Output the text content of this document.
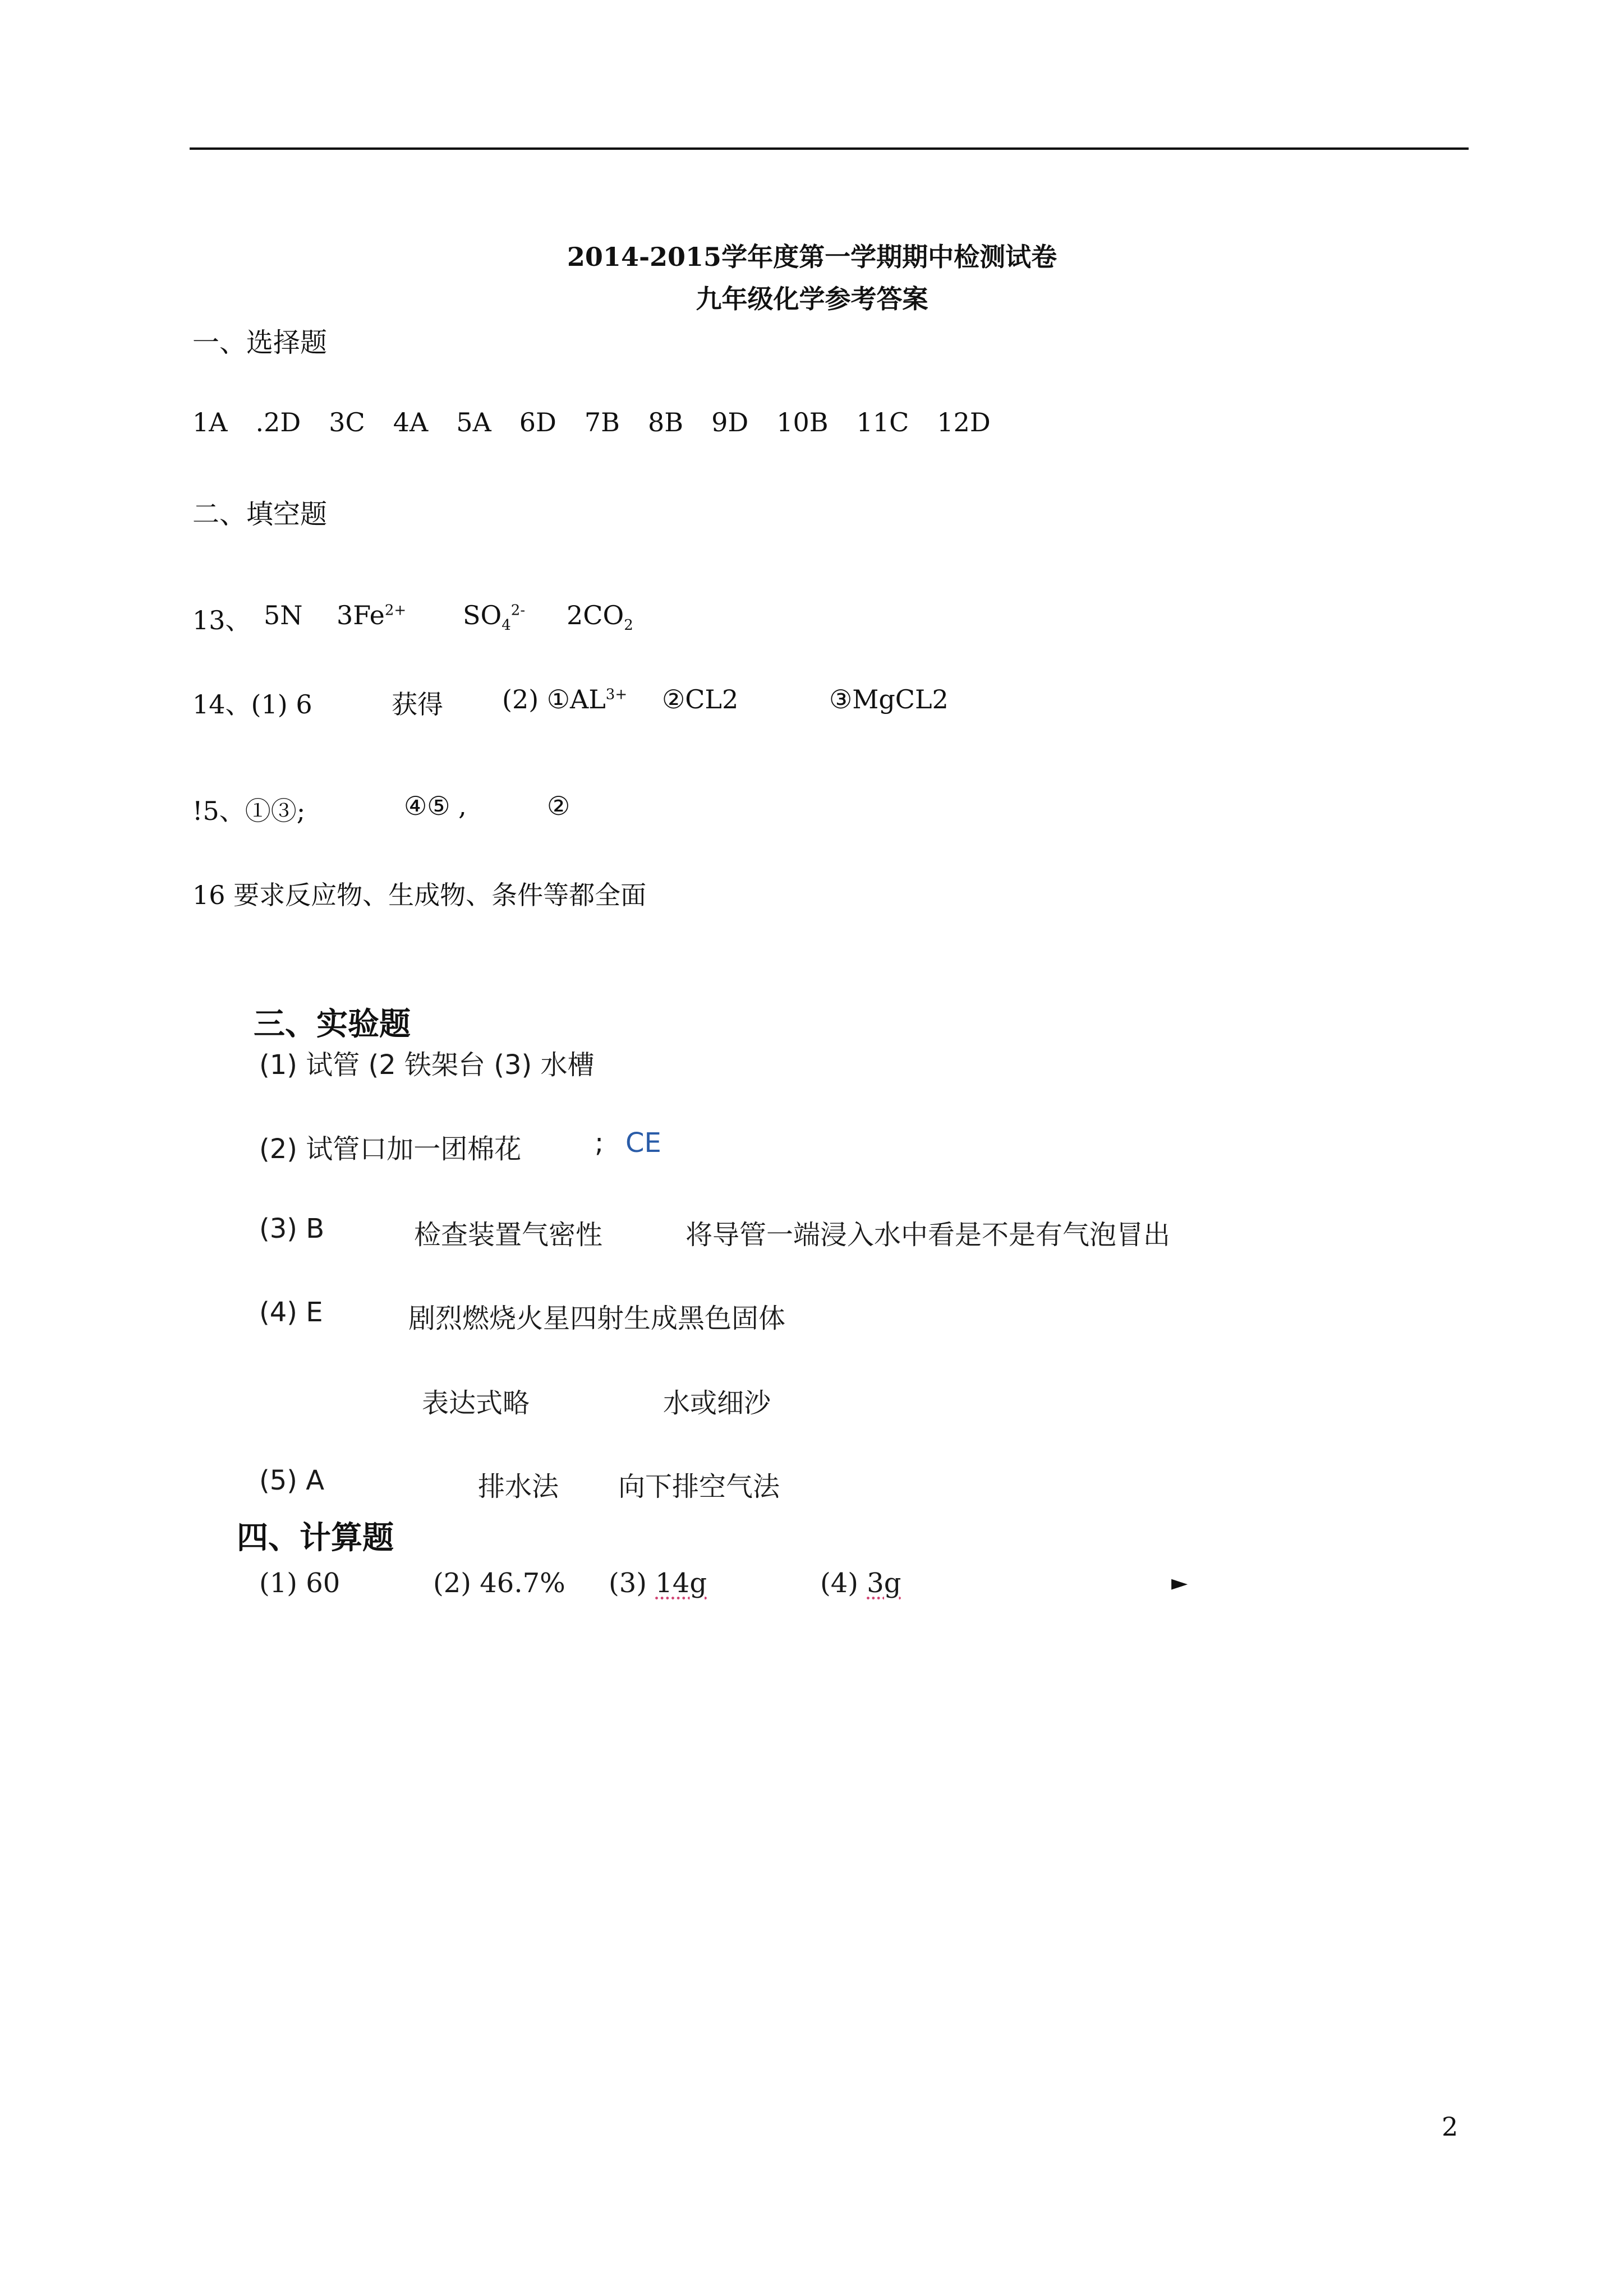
2014-2015学年度第一学期期中检测试卷
九年级化学参考答案
一、选择题
1A .2D 3C 4A 5A 6D 7B 8B 9D 10B 11C 12D
二、填空题
13、 5N $3Fe^{2+}$ $SO_4^{2-}$ $2CO_2$
14、(1) 6	获得 (2) $①AL^{3+}$ ②CL2	③MgCL2
!5、①③;	④⑤ ,	②
16 要求反应物、生成物、条件等都全面
三、实验题
(1) 试管 (2 铁架台 (3) 水槽
(2) 试管口加一团棉花	; CE
(3) B	检查装置气密性	将导管一端浸入水中看是不是有气泡冒出
(4) E	剧烈燃烧火星四射生成黑色固体
表达式略	水或细沙
(5) A	排水法 向下排空气法
四、计算题
(1) 60	(2) 46.7% (3) 14g	(4) 3g	►
2
